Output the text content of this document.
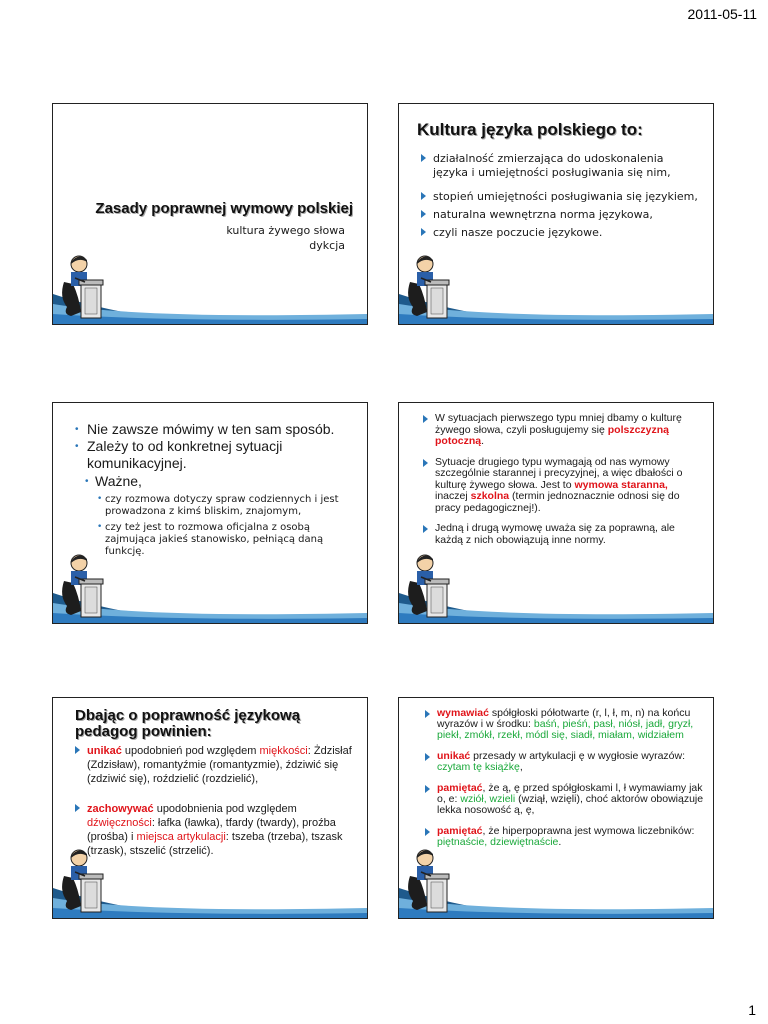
2011-05-11
Zasady poprawnej wymowy polskiej
kultura żywego słowa
dykcja
Kultura języka polskiego to:
działalność zmierzająca do udoskonalenia języka i umiejętności posługiwania się nim,
stopień umiejętności posługiwania się językiem,
naturalna wewnętrzna norma językowa,
czyli nasze poczucie językowe.
• Nie zawsze mówimy w ten sam sposób.
• Zależy to od konkretnej sytuacji komunikacyjnej.
• Ważne,
• czy rozmowa dotyczy spraw codziennych i jest prowadzona z kimś bliskim, znajomym,
• czy też jest to rozmowa oficjalna z osobą zajmująca jakieś stanowisko, pełniącą daną funkcję.
W sytuacjach pierwszego typu mniej dbamy o kulturę żywego słowa, czyli posługujemy się polszczyzną potoczną.
Sytuacje drugiego typu wymagają od nas wymowy szczególnie starannej i precyzyjnej, a więc dbałości o kulturę żywego słowa. Jest to wymowa staranna, inaczej szkolna (termin jednoznacznie odnosi się do pracy pedagogicznej!).
Jedną i drugą wymowę uważa się za poprawną, ale każdą z nich obowiązują inne normy.
Dbając o poprawność językową pedagog powinien:
unikać upodobnień pod względem miękkości: Żdzisłaf (Zdzisław), romantyźmie (romantyzmie), ździwić się (zdziwić się), roździelić (rozdzielić),
zachowywać upodobnienia pod względem dźwięczności: łafka (ławka), tfardy (twardy), proźba (prośba) i miejsca artykulacji: tszeba (trzeba), tszask (trzask), stszelić (strzelić).
wymawiać spółgłoski półotwarte (r, l, ł, m, n) na końcu wyrazów i w środku: baśń, pieśń, pasł, niósł, jadł, gryzł, piekł, zmókł, rzekł, módl się, siadł, miałam, widziałem
unikać przesady w artykulacji ę w wygłosie wyrazów: czytam tę książkę,
pamiętać, że ą, ę przed spółgłoskami l, ł wymawiamy jak o, e: wziół, wzieli (wziął, wzięli), choć aktorów obowiązuje lekka nosowość ą, ę,
pamiętać, że hiperpoprawna jest wymowa liczebników: piętnaście, dziewiętnaście.
1
